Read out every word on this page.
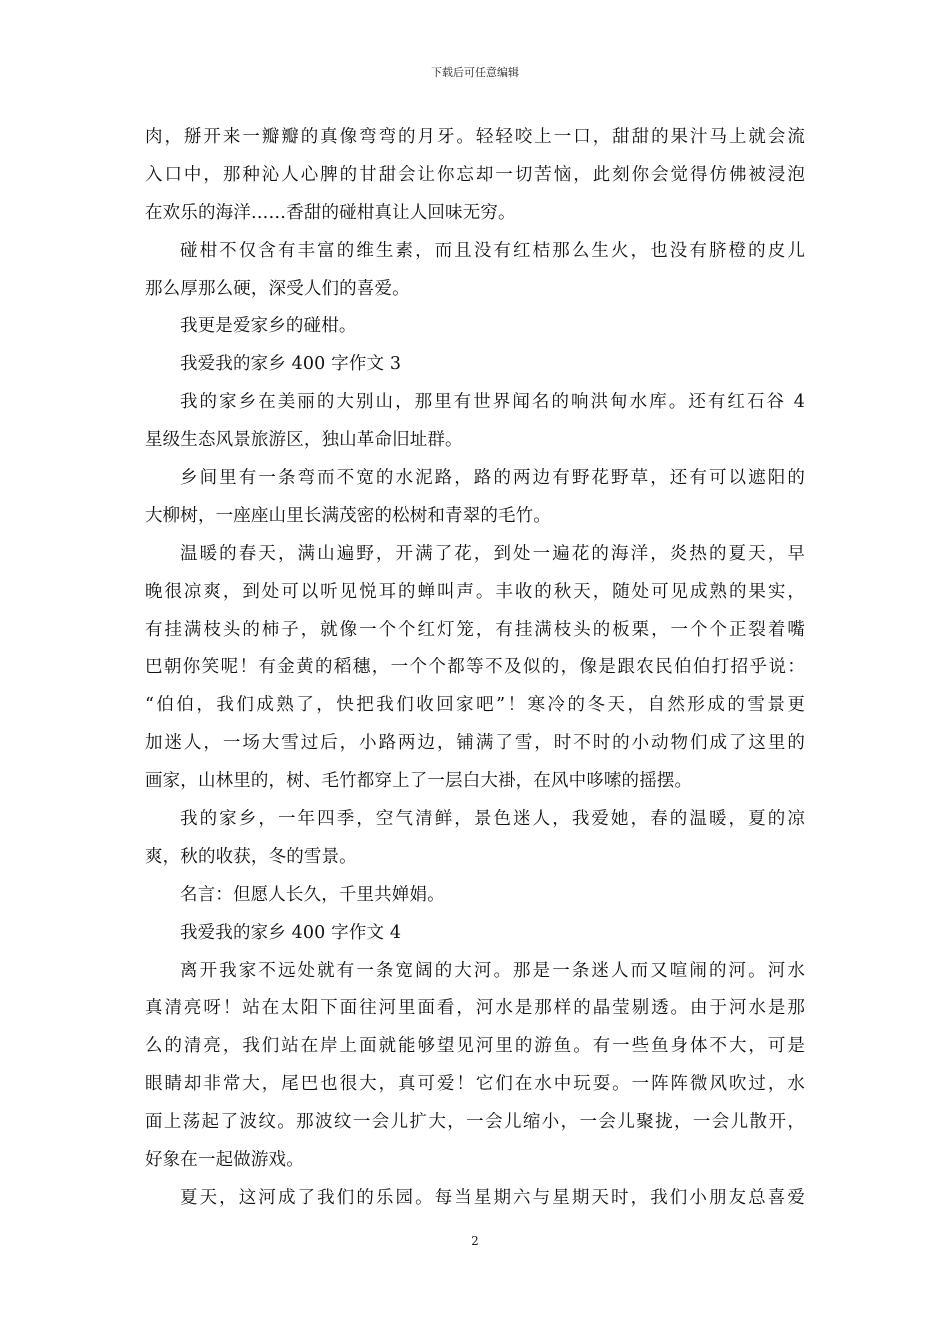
下载后可任意编辑
肉，掰开来一瓣瓣的真像弯弯的月牙。轻轻咬上一口，甜甜的果汁马上就会流
入口中，那种沁人心脾的甘甜会让你忘却一切苦恼，此刻你会觉得仿佛被浸泡
在欢乐的海洋……香甜的碰柑真让人回味无穷。
碰柑不仅含有丰富的维生素，而且没有红桔那么生火，也没有脐橙的皮儿
那么厚那么硬，深受人们的喜爱。
我更是爱家乡的碰柑。
我爱我的家乡 400 字作文 3
我的家乡在美丽的大别山，那里有世界闻名的响洪甸水库。还有红石谷 4
星级生态风景旅游区，独山革命旧址群。
乡间里有一条弯而不宽的水泥路，路的两边有野花野草，还有可以遮阳的
大柳树，一座座山里长满茂密的松树和青翠的毛竹。
温暖的春天，满山遍野，开满了花，到处一遍花的海洋，炎热的夏天，早
晚很凉爽，到处可以听见悦耳的蝉叫声。丰收的秋天，随处可见成熟的果实，
有挂满枝头的柿子，就像一个个红灯笼，有挂满枝头的板栗，一个个正裂着嘴
巴朝你笑呢！有金黄的稻穗，一个个都等不及似的，像是跟农民伯伯打招乎说：
“伯伯，我们成熟了，快把我们收回家吧”！寒冷的冬天，自然形成的雪景更
加迷人，一场大雪过后，小路两边，铺满了雪，时不时的小动物们成了这里的
画家，山林里的，树、毛竹都穿上了一层白大褂，在风中哆嗦的摇摆。
我的家乡，一年四季，空气清鲜，景色迷人，我爱她，春的温暖，夏的凉
爽，秋的收获，冬的雪景。
名言：但愿人长久，千里共婵娟。
我爱我的家乡 400 字作文 4
离开我家不远处就有一条宽阔的大河。那是一条迷人而又喧闹的河。河水
真清亮呀！站在太阳下面往河里面看，河水是那样的晶莹剔透。由于河水是那
么的清亮，我们站在岸上面就能够望见河里的游鱼。有一些鱼身体不大，可是
眼睛却非常大，尾巴也很大，真可爱！它们在水中玩耍。一阵阵微风吹过，水
面上荡起了波纹。那波纹一会儿扩大，一会儿缩小，一会儿聚拢，一会儿散开，
好象在一起做游戏。
夏天，这河成了我们的乐园。每当星期六与星期天时，我们小朋友总喜爱
2
